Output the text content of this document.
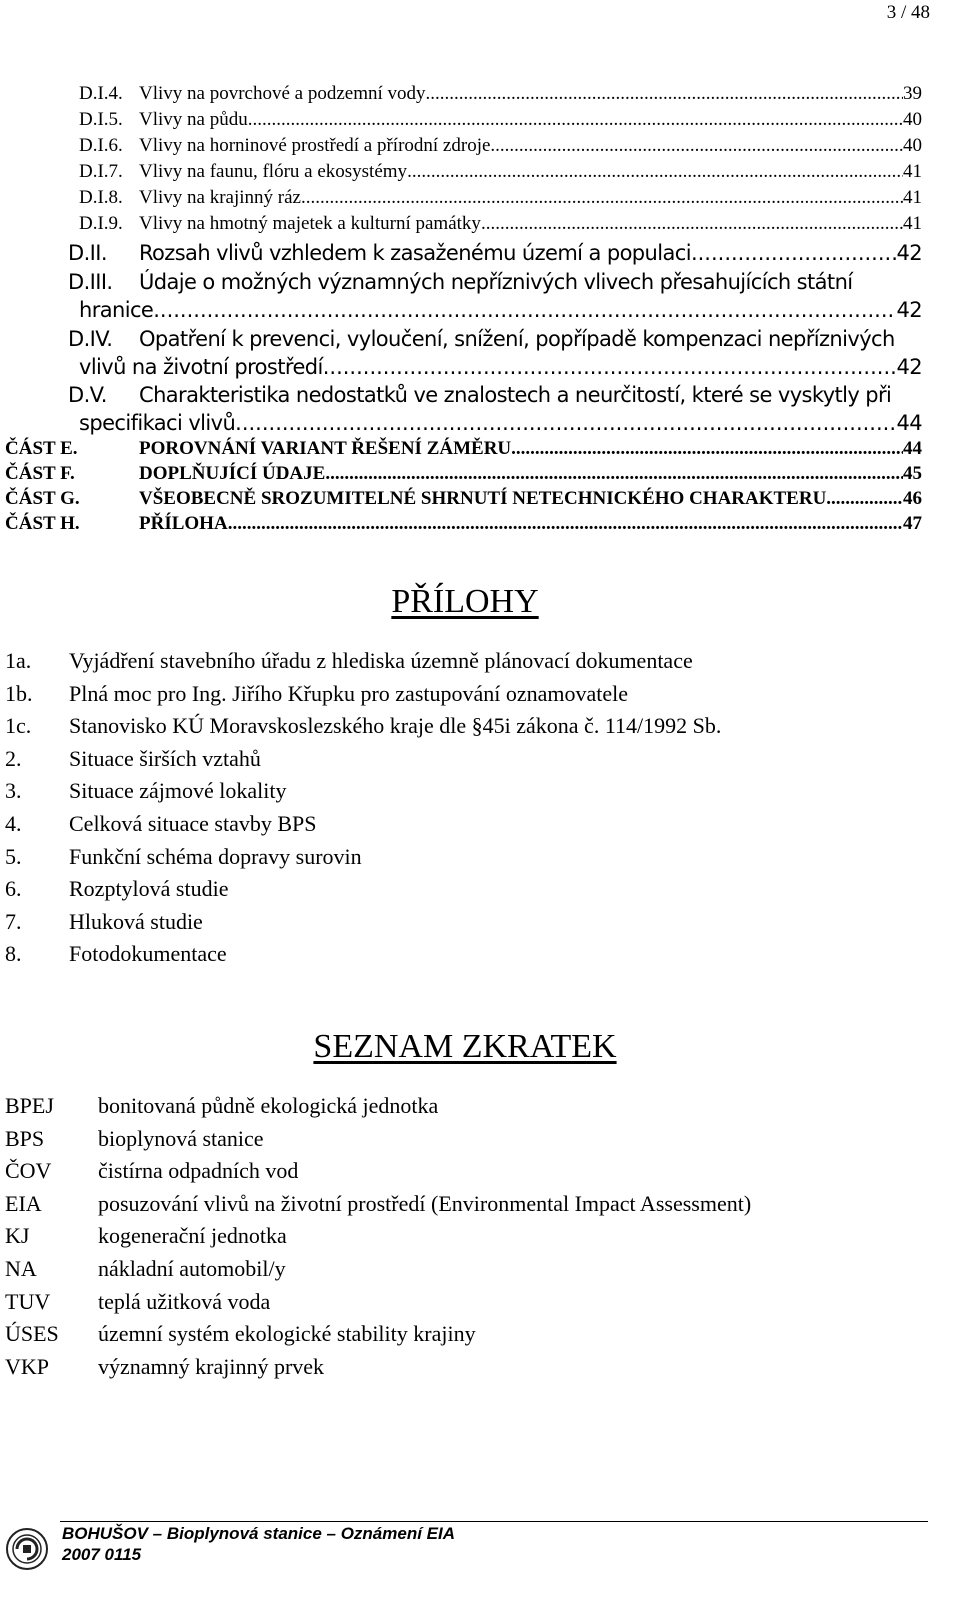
3 / 48
D.I.4. Vlivy na povrchové a podzemní vody .....	39
D.I.5. Vlivy na půdu .....	40
D.I.6. Vlivy na horninové prostředí a přírodní zdroje .....	40
D.I.7. Vlivy na faunu, flóru a ekosystémy .....	41
D.I.8. Vlivy na krajinný ráz .....	41
D.I.9. Vlivy na hmotný majetek a kulturní památky .....	41
D.II. Rozsah vlivů vzhledem k zasaženému území a populaci .....	42
D.III. Údaje o možných významných nepříznivých vlivech přesahujících státní
hranice .....	42
D.IV. Opatření k prevenci, vyloučení, snížení, popřípadě kompenzaci nepříznivých
vlivů na životní prostředí .....	42
D.V. Charakteristika nedostatků ve znalostech a neurčitostí, které se vyskytly při
specifikaci vlivů .....	44
ČÁST E.	POROVNÁNÍ VARIANT ŘEŠENÍ ZÁMĚRU .....	44
ČÁST F.	DOPLŇUJÍCÍ ÚDAJE .....	45
ČÁST G.	VŠEOBECNĚ SROZUMITELNÉ SHRNUTÍ NETECHNICKÉHO CHARAKTERU .....	46
ČÁST H.	PŘÍLOHA .....	47
PŘÍLOHY
1a. Vyjádření stavebního úřadu z hlediska územně plánovací dokumentace
1b. Plná moc pro Ing. Jiřího Křupku pro zastupování oznamovatele
1c. Stanovisko KÚ Moravskoslezského kraje dle §45i zákona č. 114/1992 Sb.
2. Situace širších vztahů
3. Situace zájmové lokality
4. Celková situace stavby BPS
5. Funkční schéma dopravy surovin
6. Rozptylová studie
7. Hluková studie
8. Fotodokumentace
SEZNAM ZKRATEK
BPEJ bonitovaná půdně ekologická jednotka
BPS bioplynová stanice
ČOV čistírna odpadních vod
EIA	posuzování vlivů na životní prostředí (Environmental Impact Assessment)
KJ	kogenerační jednotka
NA	nákladní automobil/y
TUV teplá užitková voda
ÚSES územní systém ekologické stability krajiny
VKP významný krajinný prvek
BOHUŠOV – Bioplynová stanice – Oznámení EIA
2007 0115
